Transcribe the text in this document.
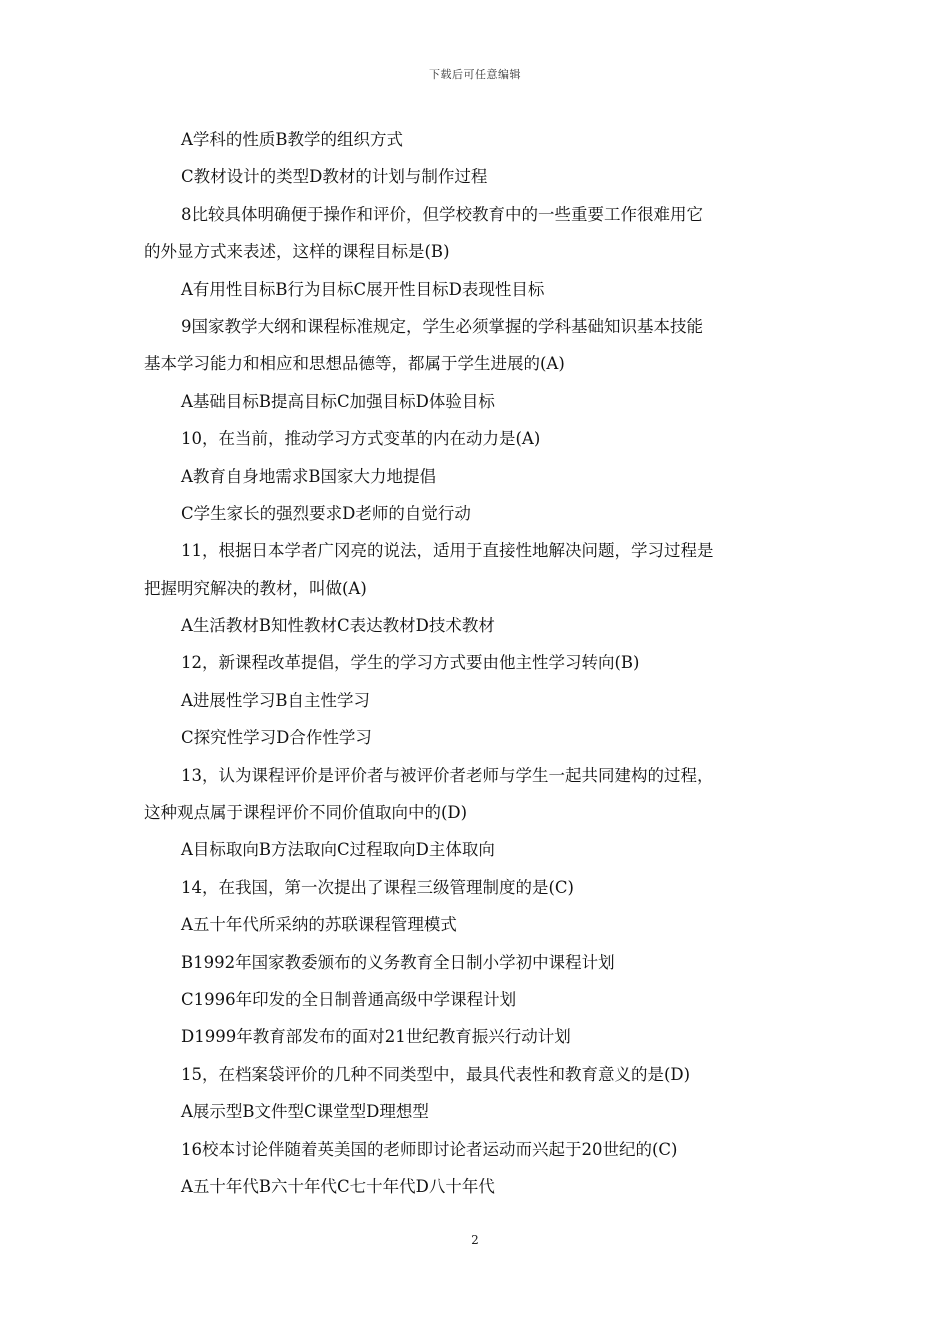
下载后可任意编辑
A学科的性质B教学的组织方式
C教材设计的类型D教材的计划与制作过程
8比较具体明确便于操作和评价，但学校教育中的一些重要工作很难用它
的外显方式来表述，这样的课程目标是(B)
A有用性目标B行为目标C展开性目标D表现性目标
9国家教学大纲和课程标准规定，学生必须掌握的学科基础知识基本技能
基本学习能力和相应和思想品德等，都属于学生进展的(A)
A基础目标B提高目标C加强目标D体验目标
10，在当前，推动学习方式变革的内在动力是(A)
A教育自身地需求B国家大力地提倡
C学生家长的强烈要求D老师的自觉行动
11，根据日本学者广冈亮的说法，适用于直接性地解决问题，学习过程是
把握明究解决的教材，叫做(A)
A生活教材B知性教材C表达教材D技术教材
12，新课程改革提倡，学生的学习方式要由他主性学习转向(B)
A进展性学习B自主性学习
C探究性学习D合作性学习
13，认为课程评价是评价者与被评价者老师与学生一起共同建构的过程，
这种观点属于课程评价不同价值取向中的(D)
A目标取向B方法取向C过程取向D主体取向
14，在我国，第一次提出了课程三级管理制度的是(C)
A五十年代所采纳的苏联课程管理模式
B1992年国家教委颁布的义务教育全日制小学初中课程计划
C1996年印发的全日制普通高级中学课程计划
D1999年教育部发布的面对21世纪教育振兴行动计划
15，在档案袋评价的几种不同类型中，最具代表性和教育意义的是(D)
A展示型B文件型C课堂型D理想型
16校本讨论伴随着英美国的老师即讨论者运动而兴起于20世纪的(C)
A五十年代B六十年代C七十年代D八十年代
2
